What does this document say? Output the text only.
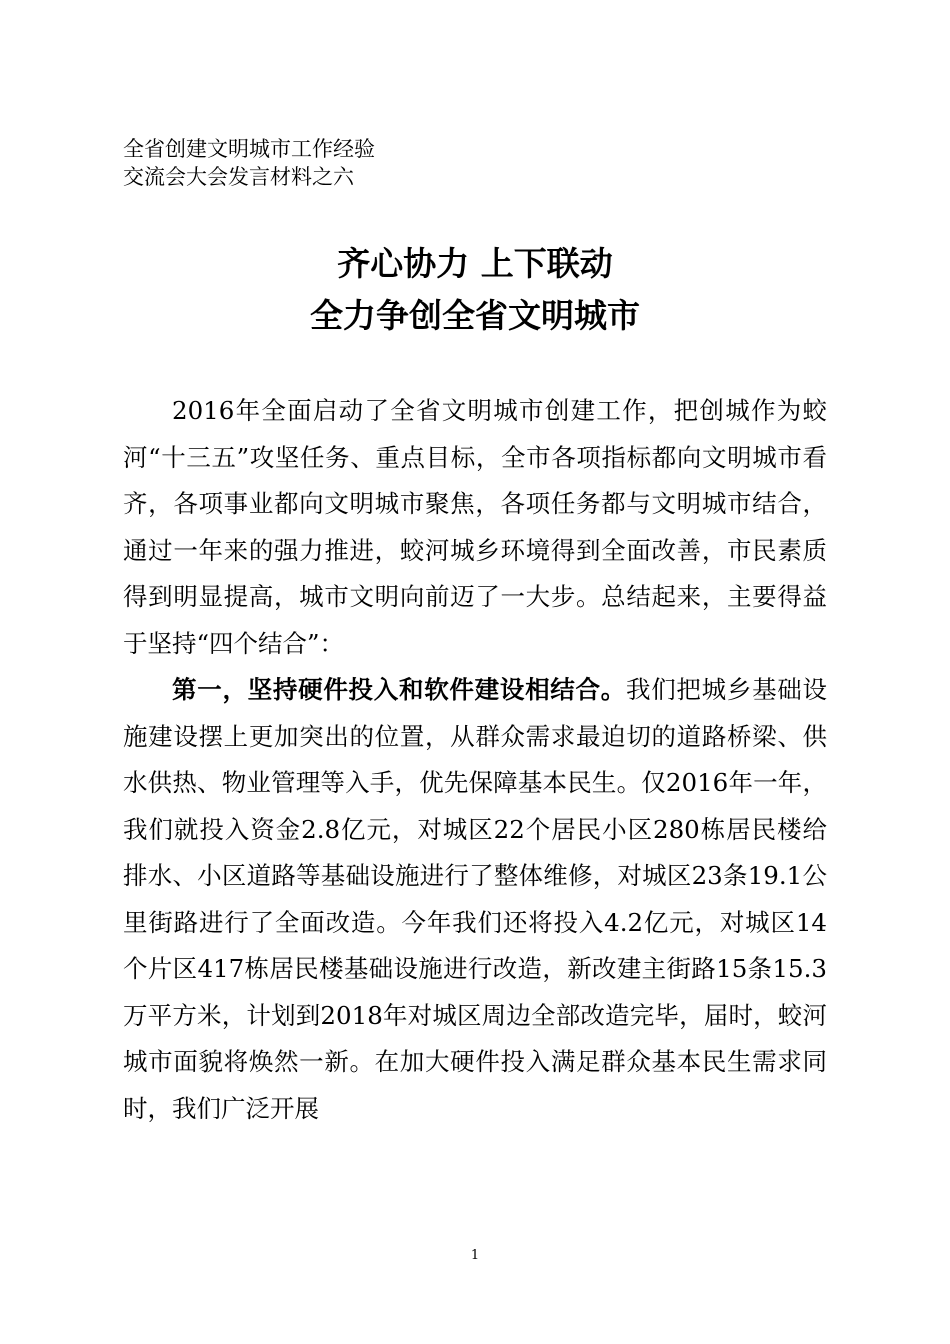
全省创建文明城市工作经验
交流会大会发言材料之六
齐心协力 上下联动
全力争创全省文明城市

2016年全面启动了全省文明城市创建工作，把创城作为蛟河“十三五”攻坚任务、重点目标，全市各项指标都向文明城市看齐，各项事业都向文明城市聚焦，各项任务都与文明城市结合，通过一年来的强力推进，蛟河城乡环境得到全面改善，市民素质得到明显提高，城市文明向前迈了一大步。总结起来，主要得益于坚持“四个结合”：

第一，坚持硬件投入和软件建设相结合。我们把城乡基础设施建设摆上更加突出的位置，从群众需求最迫切的道路桥梁、供水供热、物业管理等入手，优先保障基本民生。仅2016年一年，我们就投入资金2.8亿元，对城区22个居民小区280栋居民楼给排水、小区道路等基础设施进行了整体维修，对城区23条19.1公里街路进行了全面改造。今年我们还将投入4.2亿元，对城区14个片区417栋居民楼基础设施进行改造，新改建主街路15条15.3万平方米，计划到2018年对城区周边全部改造完毕，届时，蛟河城市面貌将焕然一新。在加大硬件投入满足群众基本民生需求同时，我们广泛开展

1
